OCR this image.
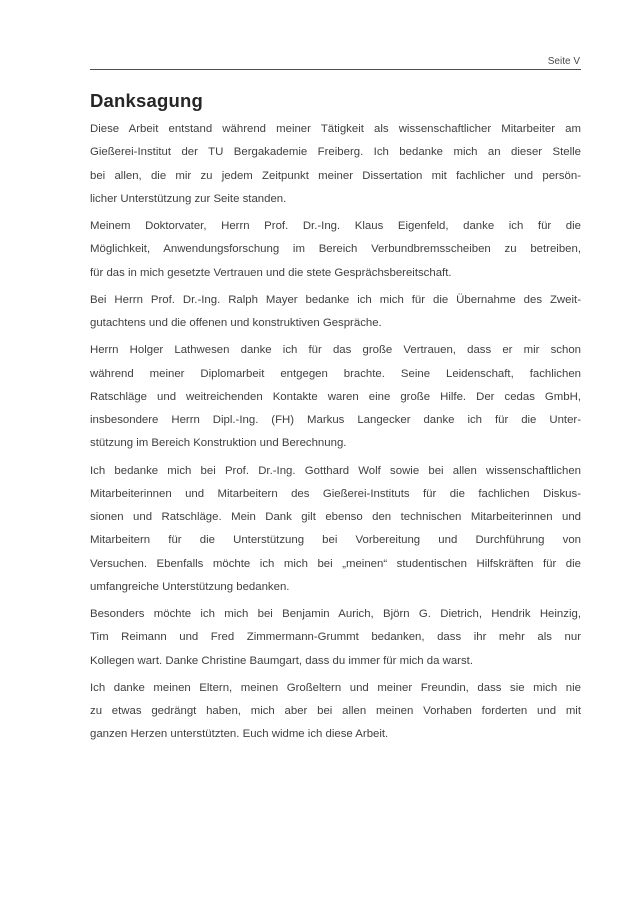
Seite V
Danksagung

Diese Arbeit entstand während meiner Tätigkeit als wissenschaftlicher Mitarbeiter am
Gießerei-Institut der TU Bergakademie Freiberg. Ich bedanke mich an dieser Stelle
bei allen, die mir zu jedem Zeitpunkt meiner Dissertation mit fachlicher und persön-
licher Unterstützung zur Seite standen.

Meinem Doktorvater, Herrn Prof. Dr.-Ing. Klaus Eigenfeld, danke ich für die
Möglichkeit, Anwendungsforschung im Bereich Verbundbremsscheiben zu betreiben,
für das in mich gesetzte Vertrauen und die stete Gesprächsbereitschaft.

Bei Herrn Prof. Dr.-Ing. Ralph Mayer bedanke ich mich für die Übernahme des Zweit-
gutachtens und die offenen und konstruktiven Gespräche.

Herrn Holger Lathwesen danke ich für das große Vertrauen, dass er mir schon
während meiner Diplomarbeit entgegen brachte. Seine Leidenschaft, fachlichen
Ratschläge und weitreichenden Kontakte waren eine große Hilfe. Der cedas GmbH,
insbesondere Herrn Dipl.-Ing. (FH) Markus Langecker danke ich für die Unter-
stützung im Bereich Konstruktion und Berechnung.

Ich bedanke mich bei Prof. Dr.-Ing. Gotthard Wolf sowie bei allen wissenschaftlichen
Mitarbeiterinnen und Mitarbeitern des Gießerei-Instituts für die fachlichen Diskus-
sionen und Ratschläge. Mein Dank gilt ebenso den technischen Mitarbeiterinnen und
Mitarbeitern für die Unterstützung bei Vorbereitung und Durchführung von
Versuchen. Ebenfalls möchte ich mich bei „meinen“ studentischen Hilfskräften für die
umfangreiche Unterstützung bedanken.

Besonders möchte ich mich bei Benjamin Aurich, Björn G. Dietrich, Hendrik Heinzig,
Tim Reimann und Fred Zimmermann-Grummt bedanken, dass ihr mehr als nur
Kollegen wart. Danke Christine Baumgart, dass du immer für mich da warst.

Ich danke meinen Eltern, meinen Großeltern und meiner Freundin, dass sie mich nie
zu etwas gedrängt haben, mich aber bei allen meinen Vorhaben forderten und mit
ganzen Herzen unterstützten. Euch widme ich diese Arbeit.
